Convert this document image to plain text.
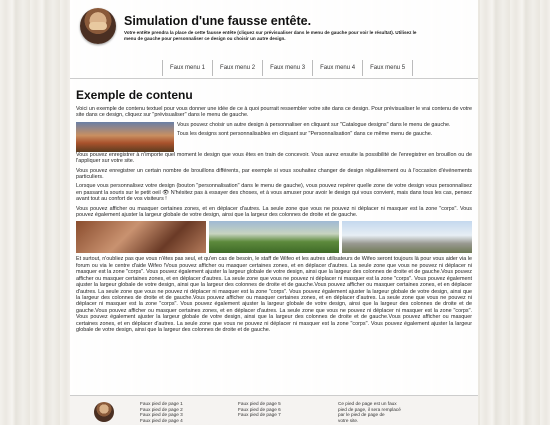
Simulation d'une fausse entête.
Votre entête prendra la place de cette fausse entête (cliquez sur prévisualiser dans le menu de gauche pour voir le résultat). Utilisez le menu de gauche pour personnaliser ce design ou choisir un autre design.
Faux menu 1	Faux menu 2	Faux menu 3	Faux menu 4	Faux menu 5
Exemple de contenu

Voici un exemple de contenu textuel pour vous donner une idée de ce à quoi pourrait ressembler votre site dans ce design. Pour prévisualiser le vrai contenu de votre site dans ce design, cliquez sur "prévisualiser" dans le menu de gauche.

Vous pouvez choisir un autre design à personnaliser en cliquant sur "Catalogue designs" dans le menu de gauche.

Tous les designs sont personnalisables en cliquant sur "Personnalisation" dans ce même menu de gauche.

Vous pouvez enregistrer à n'importe quel moment le design que vous êtes en train de concevoir. Vous aurez ensuite la possibilité de l'enregistrer en brouillon ou de l'appliquer sur votre site.

Vous pouvez enregistrer un certain nombre de brouillons différents, par exemple si vous souhaitez changer de design régulièrement ou à l'occasion d'événements particuliers.

Lorsque vous personnalisez votre design (bouton "personnalisation" dans le menu de gauche), vous pouvez repérer quelle zone de votre design vous personnalisez en passant la souris sur le petit oeil 👁 N'hésitez pas à essayer des choses, et à vous amuser pour avoir le design qui vous convient, mais dans tous les cas, pensez avant tout au confort de vos visiteurs !

Vous pouvez afficher ou masquer certaines zones, et en déplacer d'autres. La seule zone que vous ne pouvez ni déplacer ni masquer est la zone "corps". Vous pouvez également ajuster la largeur globale de votre design, ainsi que la largeur des colonnes de droite et de gauche.

Et surtout, n'oubliez pas que vous n'êtes pas seul, et qu'en cas de besoin, le staff de Wifeo et les autres utilisateurs de Wifeo seront toujours là pour vous aider via le forum ou via le centre d'aide Wifeo !Vous pouvez afficher ou masquer certaines zones, et en déplacer d'autres. La seule zone que vous ne pouvez ni déplacer ni masquer est la zone "corps". Vous pouvez également ajuster la largeur globale de votre design, ainsi que la largeur des colonnes de droite et de gauche.Vous pouvez afficher ou masquer certaines zones, et en déplacer d'autres. La seule zone que vous ne pouvez ni déplacer ni masquer est la zone "corps". Vous pouvez également ajuster la largeur globale de votre design, ainsi que la largeur des colonnes de droite et de gauche.Vous pouvez afficher ou masquer certaines zones, et en déplacer d'autres. La seule zone que vous ne pouvez ni déplacer ni masquer est la zone "corps". Vous pouvez également ajuster la largeur globale de votre design, ainsi que la largeur des colonnes de droite et de gauche.Vous pouvez afficher ou masquer certaines zones, et en déplacer d'autres. La seule zone que vous ne pouvez ni déplacer ni masquer est la zone "corps". Vous pouvez également ajuster la largeur globale de votre design, ainsi que la largeur des colonnes de droite et de gauche.Vous pouvez afficher ou masquer certaines zones, et en déplacer d'autres. La seule zone que vous ne pouvez ni déplacer ni masquer est la zone "corps". Vous pouvez également ajuster la largeur globale de votre design, ainsi que la largeur des colonnes de droite et de gauche.Vous pouvez afficher ou masquer certaines zones, et en déplacer d'autres. La seule zone que vous ne pouvez ni déplacer ni masquer est la zone "corps". Vous pouvez également ajuster la largeur globale de votre design, ainsi que la largeur des colonnes de droite et de gauche.

Faux pied de page 1
Faux pied de page 2
Faux pied de page 3
Faux pied de page 4
Faux pied de page 5
Faux pied de page 6
Faux pied de page 7
Ce pied de page est un faux
pied de page, il sera remplacé
par le pied de page de
votre site.
